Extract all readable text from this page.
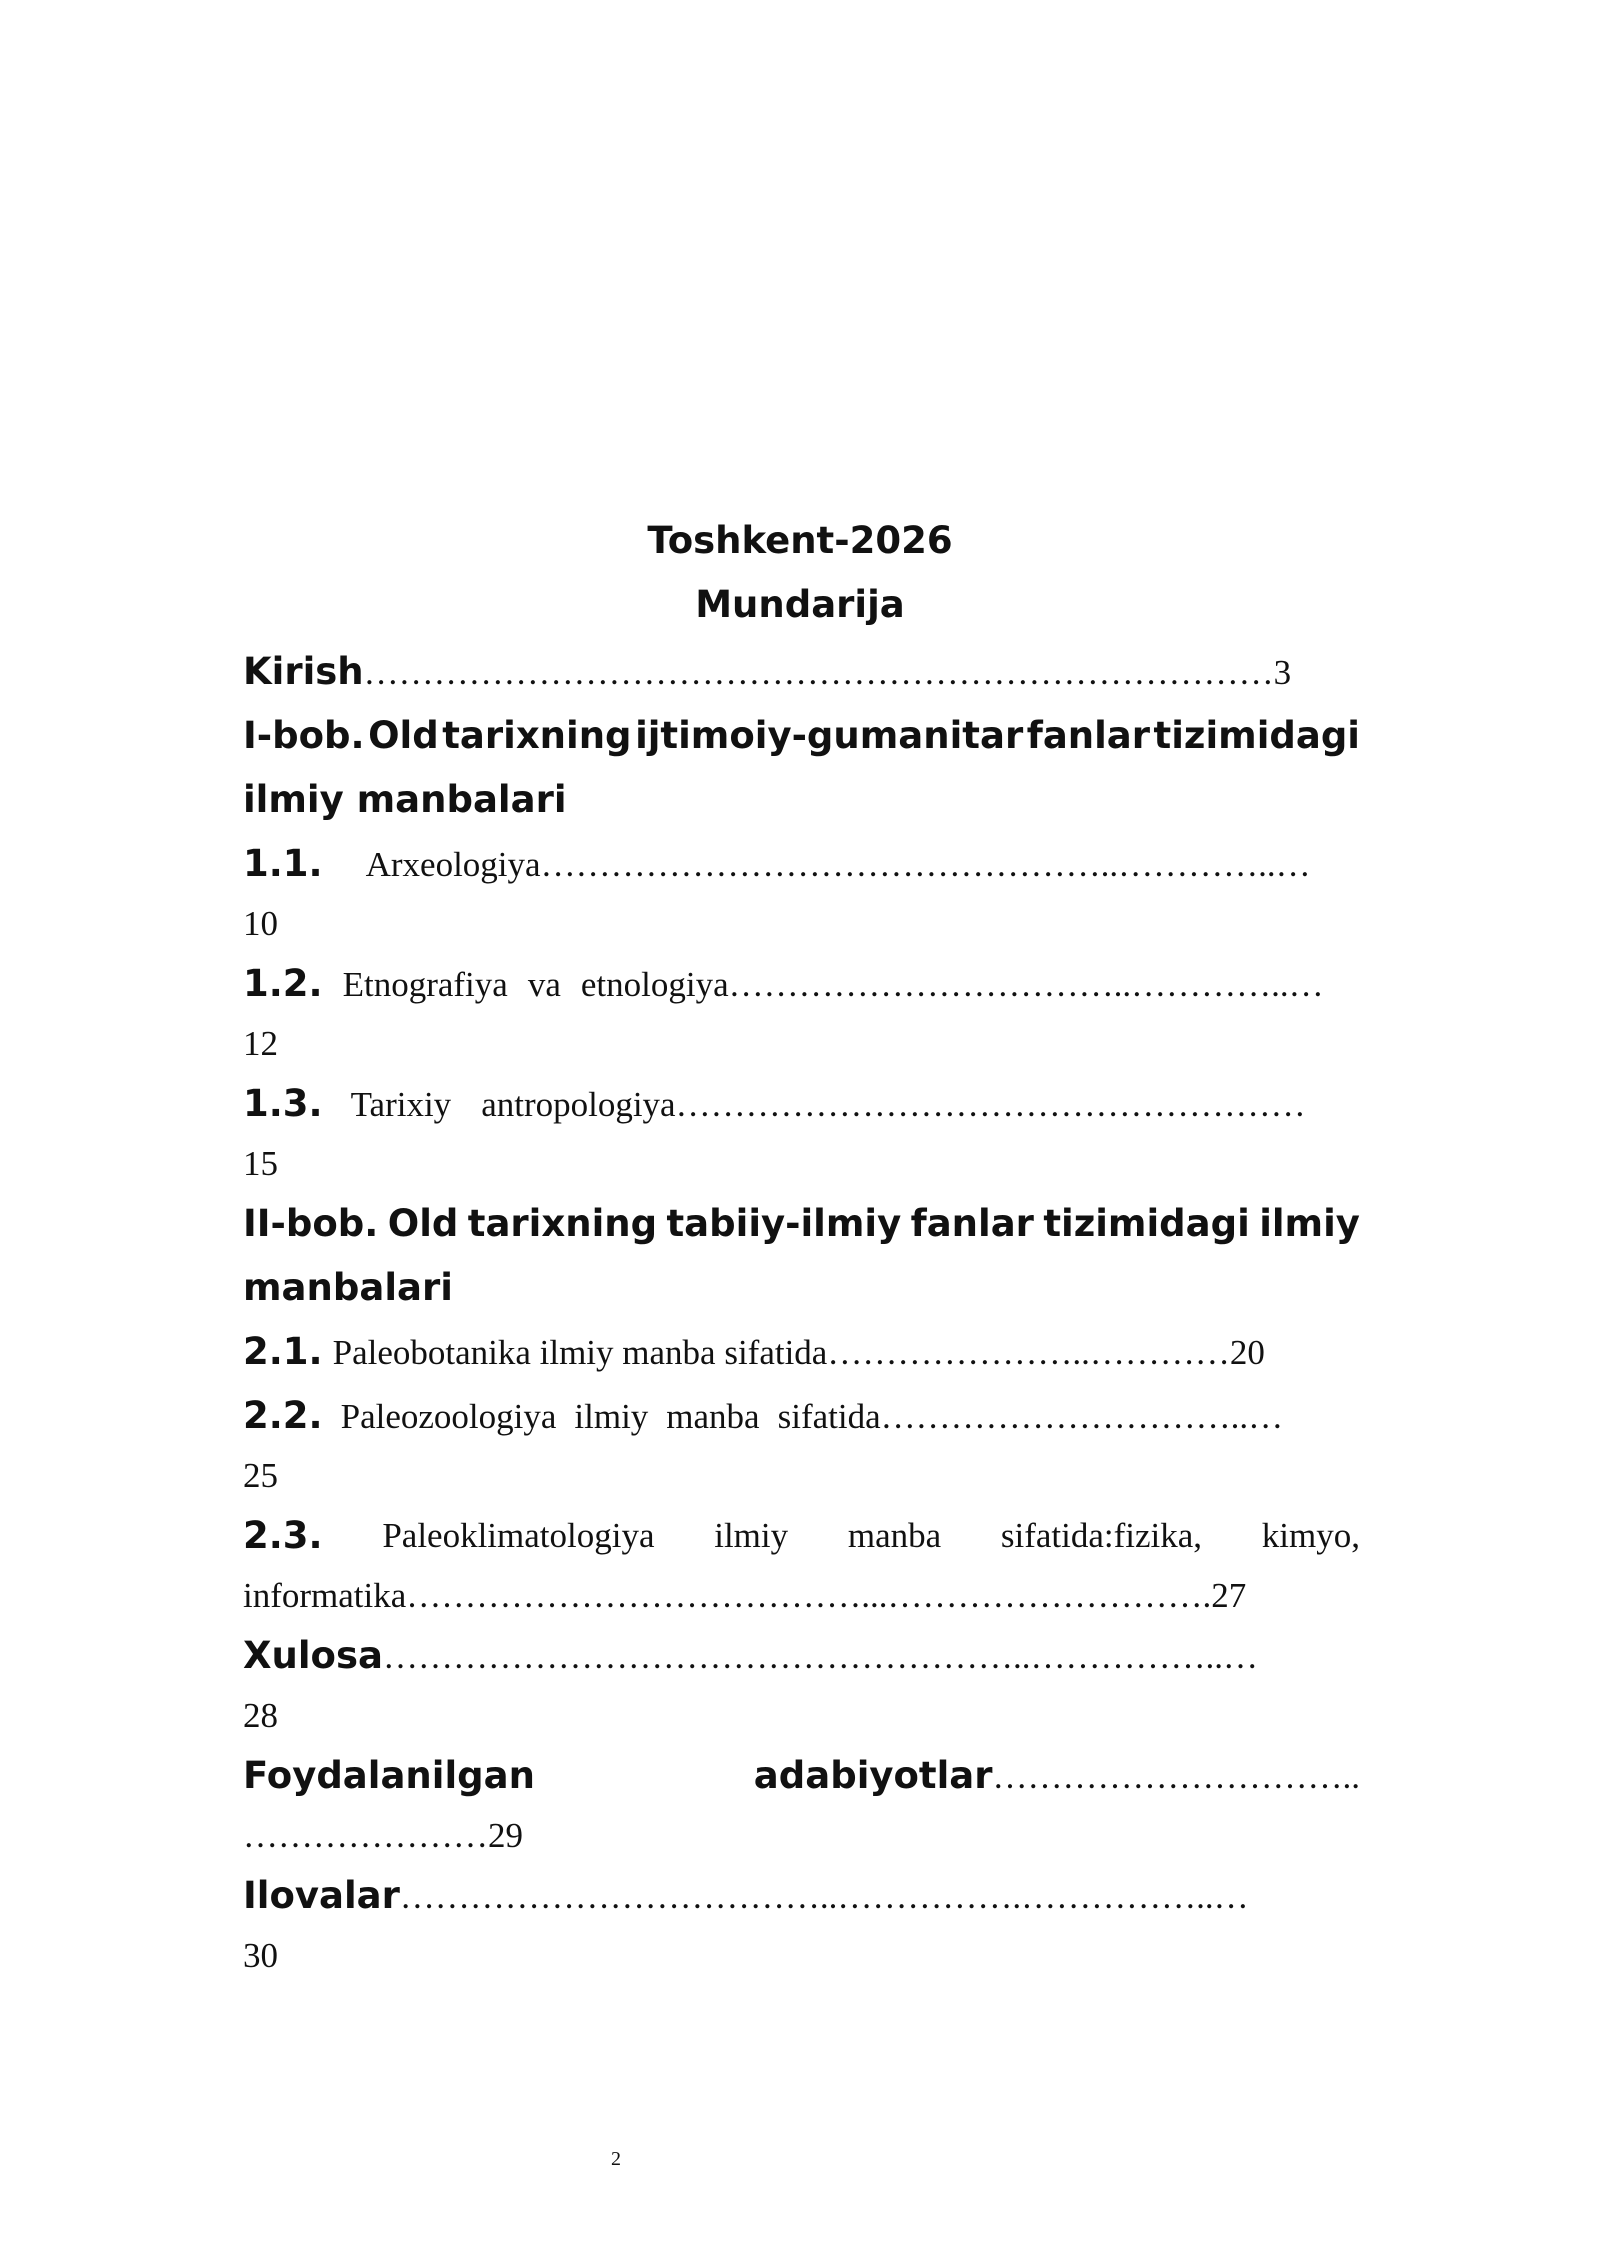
Toshkent-2026
Mundarija
Kirish……………………………………………………………………3
I-bob. Old tarixning ijtimoiy-gumanitar fanlar tizimidagi
ilmiy manbalari
1.1. Arxeologiya…………………………………………..…………..…
10
1.2. Etnografiya va etnologiya……………………………..…………..…
12
1.3. Tarixiy antropologiya………………………………………………
15
II-bob. Old tarixning tabiiy-ilmiy fanlar tizimidagi ilmiy
manbalari
2.1. Paleobotanika ilmiy manba sifatida…………………..…………20
2.2. Paleozoologiya ilmiy manba sifatida…………………………..…
25
2.3. Paleoklimatologiya ilmiy manba sifatida:fizika, kimyo,
informatika…………………………………...……………………….27
Xulosa………………………………………………..……………..…
28
Foydalanilgan	adabiyotlar…………………………..
…………………29
Ilovalar………………………………..…………….……………..…
30
2
